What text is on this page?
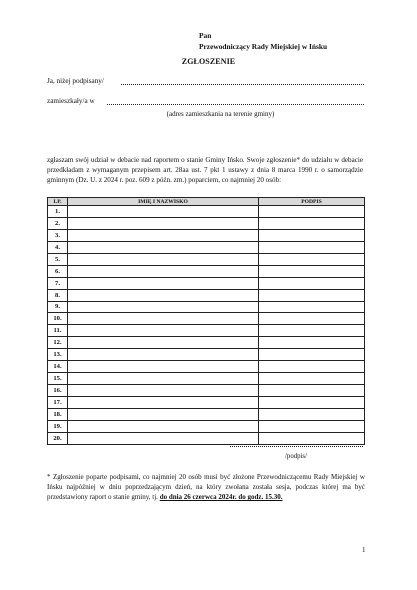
Pan
Przewodniczący Rady Miejskiej w Ińsku
ZGŁOSZENIE
Ja, niżej podpisany/
zamieszkały/a w
(adres zamieszkania na terenie gminy)
zgłaszam swój udział w debacie nad raportem o stanie Gminy Ińsko. Swoje zgłoszenie* do udziału w debacie przedkładam z wymaganym przepisem art. 28aa ust. 7 pkt 1 ustawy z dnia 8 marca 1990 r. o samorządzie gminnym (Dz. U. z 2024 r. poz. 609 z późn. zm.) poparciem, co najmniej 20 osób:
LP.	IMIĘ I NAZWISKO	PODPIS
1.		
2.		
3.		
4.		
5.		
6.		
7.		
8.		
9.		
10.		
11.		
12.		
13.		
14.		
15.		
16.		
17.		
18.		
19.		
20.		
/podpis/
* Zgłoszenie poparte podpisami, co najmniej 20 osób musi być złożone Przewodniczącemu Rady Miejskiej w Ińsku najpóźniej w dniu poprzedzającym dzień, na który zwołana została sesja, podczas której ma być przedstawiony raport o stanie gminy, tj. do dnia 26 czerwca 2024r. do godz. 15.30.
1
